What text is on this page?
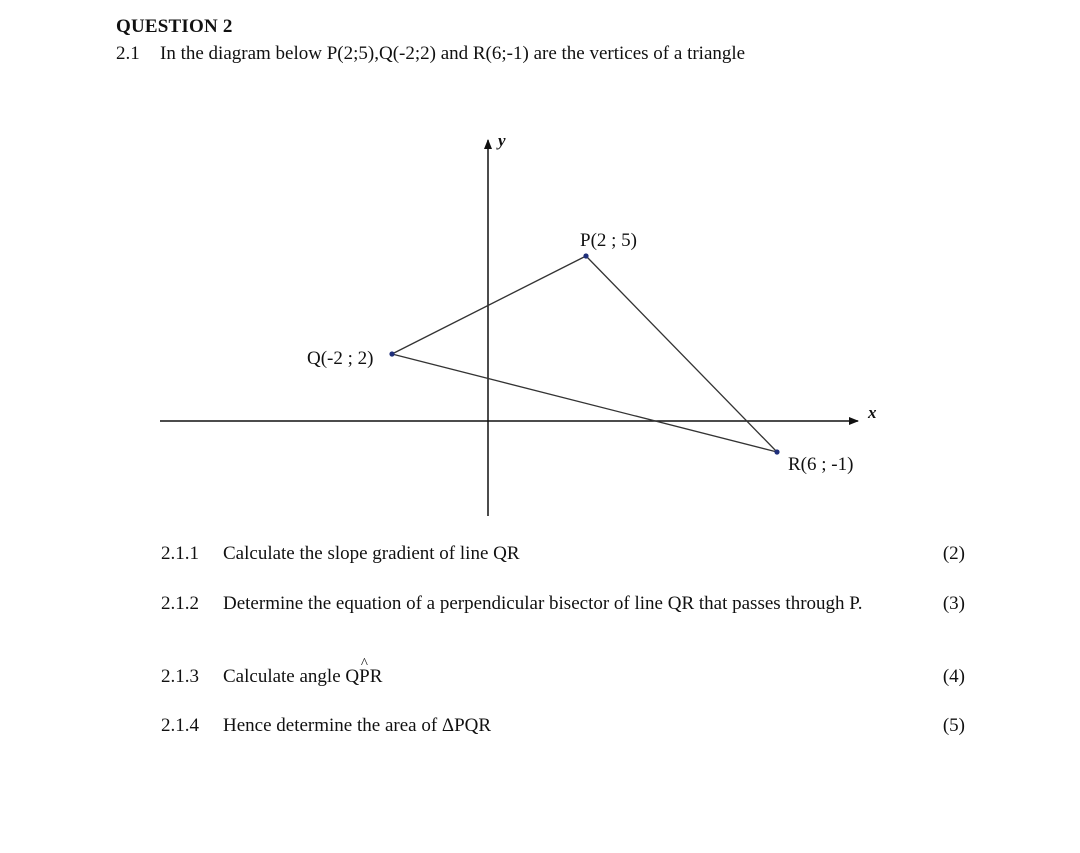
QUESTION 2
2.1 In the diagram below P(2;5),Q(-2;2) and R(6;-1) are the vertices of a triangle
x
y
P(2 ; 5)
Q(-2 ; 2)
R(6 ; -1)
2.1.1 Calculate the slope gradient of line QR	(2)
2.1.2 Determine the equation of a perpendicular bisector of line QR that passes through P.	(3)
2.1.3 Calculate angle QP ^R	(4)
2.1.4 Hence determine the area of ΔPQR	(5)
